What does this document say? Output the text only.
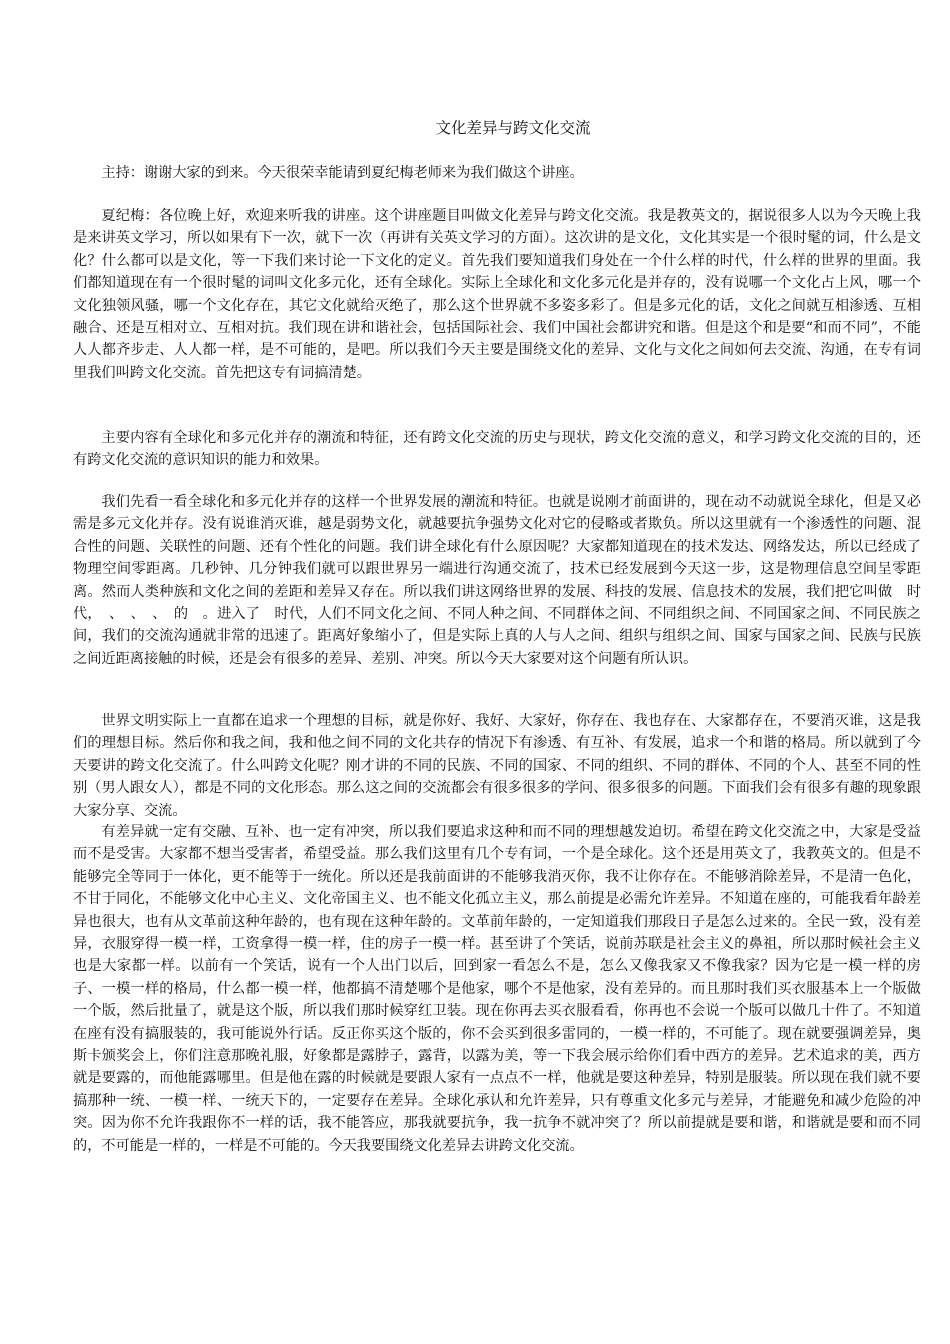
文化差异与跨文化交流

主持：谢谢大家的到来。今天很荣幸能请到夏纪梅老师来为我们做这个讲座。

夏纪梅：各位晚上好，欢迎来听我的讲座。这个讲座题目叫做文化差异与跨文化交流。我是教英文的，据说很多人以为今天晚上我是来讲英文学习，所以如果有下一次，就下一次（再讲有关英文学习的方面）。这次讲的是文化，文化其实是一个很时髦的词，什么是文化？什么都可以是文化，等一下我们来讨论一下文化的定义。首先我们要知道我们身处在一个什么样的时代，什么样的世界的里面。我们都知道现在有一个很时髦的词叫文化多元化，还有全球化。实际上全球化和文化多元化是并存的，没有说哪一个文化占上风，哪一个文化独领风骚，哪一个文化存在，其它文化就给灭绝了，那么这个世界就不多姿多彩了。但是多元化的话，文化之间就互相渗透、互相融合、还是互相对立、互相对抗。我们现在讲和谐社会，包括国际社会、我们中国社会都讲究和谐。但是这个和是要“和而不同”，不能人人都齐步走、人人都一样，是不可能的，是吧。所以我们今天主要是围绕文化的差异、文化与文化之间如何去交流、沟通，在专有词里我们叫跨文化交流。首先把这专有词搞清楚。

主要内容有全球化和多元化并存的潮流和特征，还有跨文化交流的历史与现状，跨文化交流的意义，和学习跨文化交流的目的，还有跨文化交流的意识知识的能力和效果。

我们先看一看全球化和多元化并存的这样一个世界发展的潮流和特征。也就是说刚才前面讲的，现在动不动就说全球化，但是又必需是多元文化并存。没有说谁消灭谁，越是弱势文化，就越要抗争强势文化对它的侵略或者欺负。所以这里就有一个渗透性的问题、混合性的问题、关联性的问题、还有个性化的问题。我们讲全球化有什么原因呢？大家都知道现在的技术发达、网络发达，所以已经成了物理空间零距离。几秒钟、几分钟我们就可以跟世界另一端进行沟通交流了，技术已经发展到今天这一步，这是物理信息空间呈零距离。然而人类种族和文化之间的差距和差异又存在。所以我们讲这网络世界的发展、科技的发展、信息技术的发展，我们把它叫做　时代，　、　、　、　的　。进入了　时代，人们不同文化之间、不同人种之间、不同群体之间、不同组织之间、不同国家之间、不同民族之间，我们的交流沟通就非常的迅速了。距离好象缩小了，但是实际上真的人与人之间、组织与组织之间、国家与国家之间、民族与民族之间近距离接触的时候，还是会有很多的差异、差别、冲突。所以今天大家要对这个问题有所认识。

世界文明实际上一直都在追求一个理想的目标，就是你好、我好、大家好，你存在、我也存在、大家都存在，不要消灭谁，这是我们的理想目标。然后你和我之间，我和他之间不同的文化共存的情况下有渗透、有互补、有发展，追求一个和谐的格局。所以就到了今天要讲的跨文化交流了。什么叫跨文化呢？刚才讲的不同的民族、不同的国家、不同的组织、不同的群体、不同的个人、甚至不同的性别（男人跟女人），都是不同的文化形态。那么这之间的交流都会有很多很多的学问、很多很多的问题。下面我们会有很多有趣的现象跟大家分享、交流。

有差异就一定有交融、互补、也一定有冲突，所以我们要追求这种和而不同的理想越发迫切。希望在跨文化交流之中，大家是受益而不是受害。大家都不想当受害者，希望受益。那么我们这里有几个专有词，一个是全球化。这个还是用英文了，我教英文的。但是不能够完全等同于一体化，更不能等于一统化。所以还是我前面讲的不能够我消灭你，我不让你存在。不能够消除差异，不是清一色化，不甘于同化，不能够文化中心主义、文化帝国主义、也不能文化孤立主义，那么前提是必需允许差异。不知道在座的，可能我看年龄差异也很大，也有从文革前这种年龄的，也有现在这种年龄的。文革前年龄的，一定知道我们那段日子是怎么过来的。全民一致，没有差异，衣服穿得一模一样，工资拿得一模一样，住的房子一模一样。甚至讲了个笑话，说前苏联是社会主义的鼻祖，所以那时候社会主义也是大家都一样。以前有一个笑话，说有一个人出门以后，回到家一看怎么不是，怎么又像我家又不像我家？因为它是一模一样的房子、一模一样的格局，什么都一模一样，他都搞不清楚哪个是他家，哪个不是他家，没有差异的。而且那时我们买衣服基本上一个版做一个版，然后批量了，就是这个版，所以我们那时候穿红卫装。现在你再去买衣服看看，你再也不会说一个版可以做几十件了。不知道在座有没有搞服装的，我可能说外行话。反正你买这个版的，你不会买到很多雷同的，一模一样的，不可能了。现在就要强调差异，奥斯卡颁奖会上，你们注意那晚礼服，好象都是露脖子，露背，以露为美，等一下我会展示给你们看中西方的差异。艺术追求的美，西方就是要露的，而他能露哪里。但是他在露的时候就是要跟人家有一点点不一样，他就是要这种差异，特别是服装。所以现在我们就不要搞那种一统、一模一样、一统天下的，一定要存在差异。全球化承认和允许差异，只有尊重文化多元与差异，才能避免和减少危险的冲突。因为你不允许我跟你不一样的话，我不能答应，那我就要抗争，我一抗争不就冲突了？所以前提就是要和谐，和谐就是要和而不同的，不可能是一样的，一样是不可能的。今天我要围绕文化差异去讲跨文化交流。
